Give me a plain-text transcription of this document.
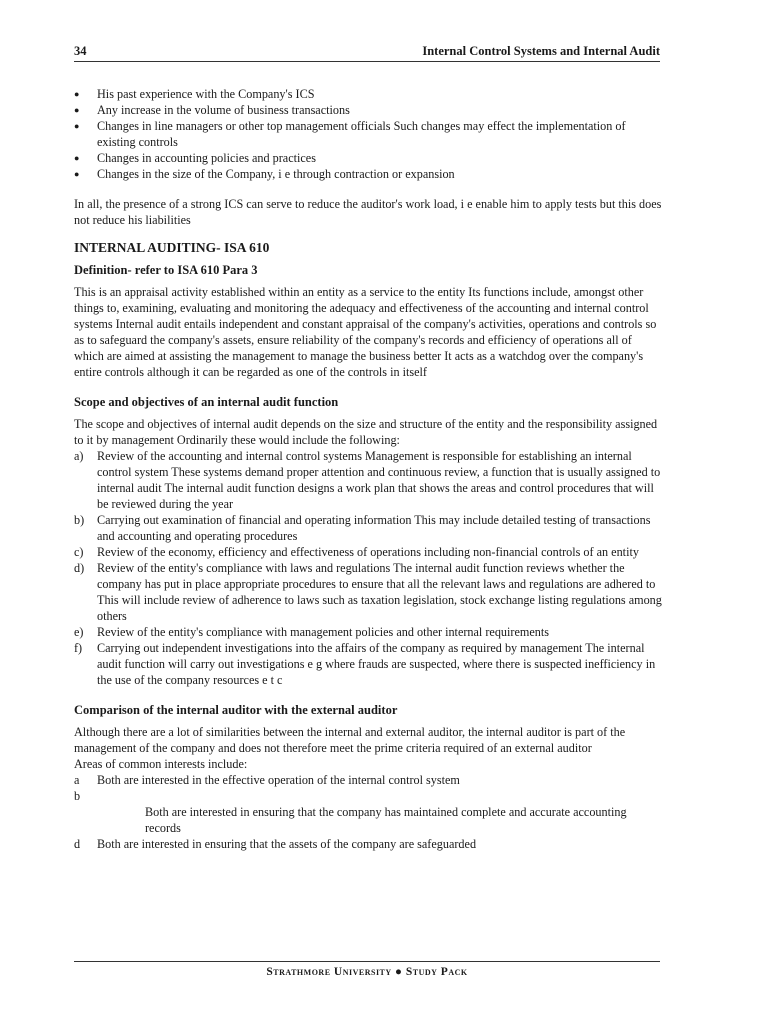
34	Internal Control Systems and Internal Audit
● His past experience with the Company's ICS
● Any increase in the volume of business transactions
● Changes in line managers or other top management officials Such changes may effect the implementation of existing controls
● Changes in accounting policies and practices
● Changes in the size of the Company, i e through contraction or expansion

In all, the presence of a strong ICS can serve to reduce the auditor's work load, i e enable him to apply tests but this does not reduce his liabilities

INTERNAL AUDITING- ISA 610

Definition- refer to ISA 610 Para 3

This is an appraisal activity established within an entity as a service to the entity Its functions include, amongst other things to, examining, evaluating and monitoring the adequacy and effectiveness of the accounting and internal control systems Internal audit entails independent and constant appraisal of the company's activities, operations and controls so as to safeguard the company's assets, ensure reliability of the company's records and efficiency of operations all of which are aimed at assisting the management to manage the business better It acts as a watchdog over the company's entire controls although it can be regarded as one of the controls in itself

Scope and objectives of an internal audit function

The scope and objectives of internal audit depends on the size and structure of the entity and the responsibility assigned to it by management Ordinarily these would include the following:

a) Review of the accounting and internal control systems Management is responsible for establishing an internal control system These systems demand proper attention and continuous review, a function that is usually assigned to internal audit The internal audit function designs a work plan that shows the areas and control procedures that will be reviewed during the year
b) Carrying out examination of financial and operating information This may include detailed testing of transactions and accounting and operating procedures
c) Review of the economy, efficiency and effectiveness of operations including non-financial controls of an entity
d) Review of the entity's compliance with laws and regulations The internal audit function reviews whether the company has put in place appropriate procedures to ensure that all the relevant laws and regulations are adhered to This will include review of adherence to laws such as taxation legislation, stock exchange listing regulations among others
e) Review of the entity's compliance with management policies and other internal requirements
f) Carrying out independent investigations into the affairs of the company as required by management The internal audit function will carry out investigations e g where frauds are suspected, where there is suspected inefficiency in the use of the company resources e t c

Comparison of the internal auditor with the external auditor

Although there are a lot of similarities between the internal and external auditor, the internal auditor is part of the management of the company and does not therefore meet the prime criteria required of an external auditor

Areas of common interests include:

a Both are interested in the effective operation of the internal control system
b

Both are interested in ensuring that the company has maintained complete and accurate accounting records
d Both are interested in ensuring that the assets of the company are safeguarded
Strathmore University ● Study Pack
